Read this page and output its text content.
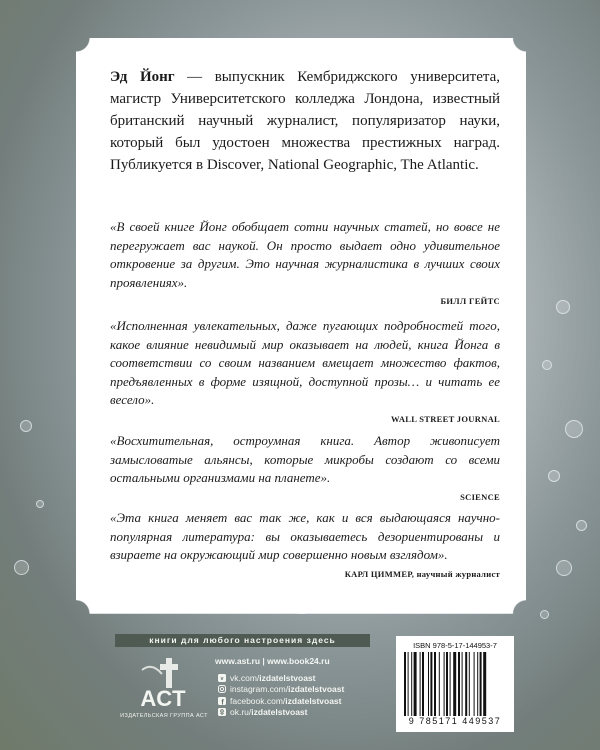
Эд Йонг — выпускник Кембриджского университета, магистр Университетского колледжа Лондона, известный британский научный журналист, популяризатор науки, который был удостоен множества престижных наград. Публикуется в Discover, National Geographic, The Atlantic.

«В своей книге Йонг обобщает сотни научных статей, но вовсе не перегружает вас наукой. Он просто выдает одно удивительное откровение за другим. Это научная журналистика в лучших своих проявлениях».

БИЛЛ ГЕЙТС

«Исполненная увлекательных, даже пугающих подробностей того, какое влияние невидимый мир оказывает на людей, книга Йонга в соответствии со своим названием вмещает множество фактов, предъявленных в форме изящной, доступной прозы… и читать ее весело».

WALL STREET JOURNAL

«Восхитительная, остроумная книга. Автор живописует замысловатые альянсы, которые микробы создают со всеми остальными организмами на планете».

SCIENCE

«Эта книга меняет вас так же, как и вся выдающаяся научно-популярная литература: вы оказываетесь дезориентированы и взираете на окружающий мир совершенно новым взглядом».

КАРЛ ЦИММЕР, научный журналист
книги для любого настроения здесь
ACT
ИЗДАТЕЛЬСКАЯ ГРУППА АСТ
www.ast.ru | www.book24.ru
v vk.com/izdatelstvoast
instagram.com/izdatelstvoast
f facebook.com/izdatelstvoast
ok.ru/izdatelstvoast
ISBN 978-5-17-144953-7
9 785171 449537
